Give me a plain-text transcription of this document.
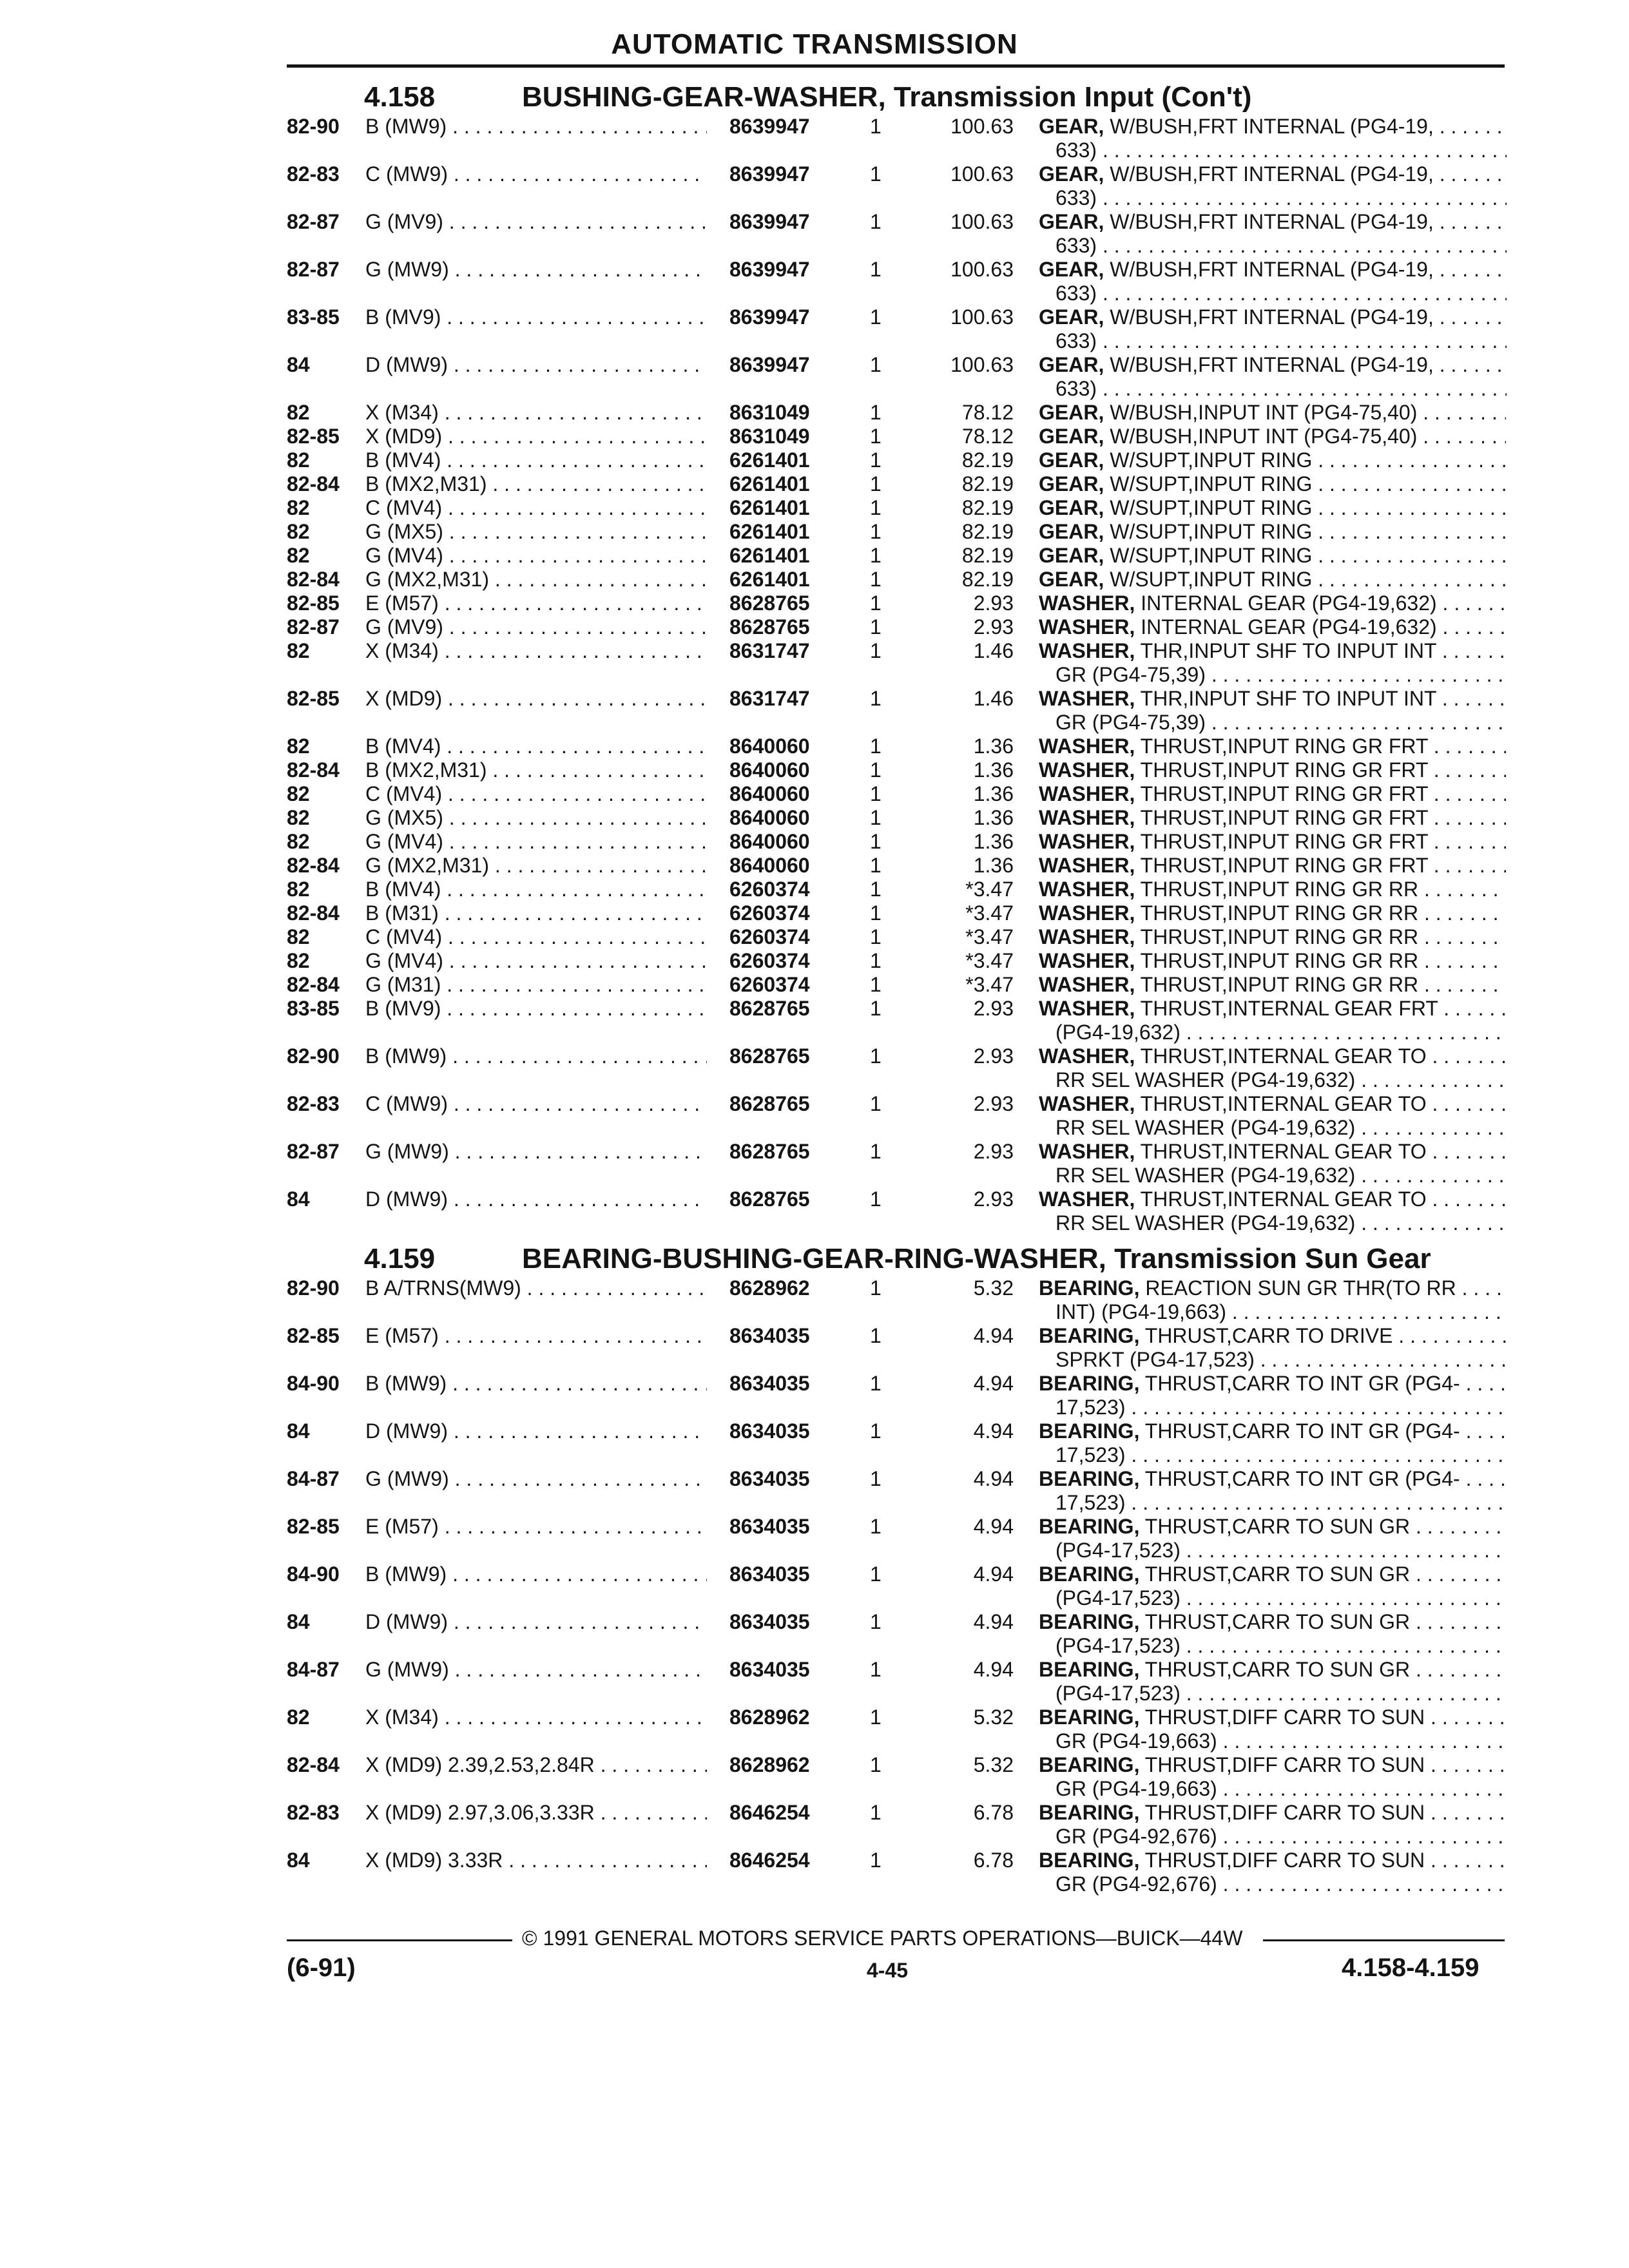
AUTOMATIC TRANSMISSION
4.158	BUSHING-GEAR-WASHER, Transmission Input (Con't)
82-90 B (MW9) . . .	8639947	1	100.63 GEAR, W/BUSH,FRT INTERNAL (PG4-19, . . .
633) . . .
82-83 C (MW9) . . .	8639947	1	100.63 GEAR, W/BUSH,FRT INTERNAL (PG4-19, . . .
633) . . .
82-87 G (MV9) . . .	8639947	1	100.63 GEAR, W/BUSH,FRT INTERNAL (PG4-19, . . .
633) . . .
82-87 G (MW9) . . .	8639947	1	100.63 GEAR, W/BUSH,FRT INTERNAL (PG4-19, . . .
633) . . .
83-85 B (MV9) . . .	8639947	1	100.63 GEAR, W/BUSH,FRT INTERNAL (PG4-19, . . .
633) . . .
84	D (MW9) . . .	8639947	1	100.63 GEAR, W/BUSH,FRT INTERNAL (PG4-19, . . .
633) . . .
82	X (M34) . . .	8631049	1	78.12 GEAR, W/BUSH,INPUT INT (PG4-75,40) . . .
82-85 X (MD9) . . .	8631049	1	78.12 GEAR, W/BUSH,INPUT INT (PG4-75,40) . . .
82	B (MV4) . . .	6261401	1	82.19 GEAR, W/SUPT,INPUT RING . . .
82-84 B (MX2,M31) . . .	6261401	1	82.19 GEAR, W/SUPT,INPUT RING . . .
82	C (MV4) . . .	6261401	1	82.19 GEAR, W/SUPT,INPUT RING . . .
82	G (MX5) . . .	6261401	1	82.19 GEAR, W/SUPT,INPUT RING . . .
82	G (MV4) . . .	6261401	1	82.19 GEAR, W/SUPT,INPUT RING . . .
82-84 G (MX2,M31) . . .	6261401	1	82.19 GEAR, W/SUPT,INPUT RING . . .
82-85 E (M57) . . .	8628765	1	2.93 WASHER, INTERNAL GEAR (PG4-19,632) . . .
82-87 G (MV9) . . .	8628765	1	2.93 WASHER, INTERNAL GEAR (PG4-19,632) . . .
82	X (M34) . . .	8631747	1	1.46 WASHER, THR,INPUT SHF TO INPUT INT . . .
GR (PG4-75,39) . . .
82-85 X (MD9) . . .	8631747	1	1.46 WASHER, THR,INPUT SHF TO INPUT INT . . .
GR (PG4-75,39) . . .
82	B (MV4) . . .	8640060	1	1.36 WASHER, THRUST,INPUT RING GR FRT . . .
82-84 B (MX2,M31) . . .	8640060	1	1.36 WASHER, THRUST,INPUT RING GR FRT . . .
82	C (MV4) . . .	8640060	1	1.36 WASHER, THRUST,INPUT RING GR FRT . . .
82	G (MX5) . . .	8640060	1	1.36 WASHER, THRUST,INPUT RING GR FRT . . .
82	G (MV4) . . .	8640060	1	1.36 WASHER, THRUST,INPUT RING GR FRT . . .
82-84 G (MX2,M31) . . .	8640060	1	1.36 WASHER, THRUST,INPUT RING GR FRT . . .
82	B (MV4) . . .	6260374	1	*3.47 WASHER, THRUST,INPUT RING GR RR . . .
82-84 B (M31) . . .	6260374	1	*3.47 WASHER, THRUST,INPUT RING GR RR . . .
82	C (MV4) . . .	6260374	1	*3.47 WASHER, THRUST,INPUT RING GR RR . . .
82	G (MV4) . . .	6260374	1	*3.47 WASHER, THRUST,INPUT RING GR RR . . .
82-84 G (M31) . . .	6260374	1	*3.47 WASHER, THRUST,INPUT RING GR RR . . .
83-85 B (MV9) . . .	8628765	1	2.93 WASHER, THRUST,INTERNAL GEAR FRT . . .
(PG4-19,632) . . .
82-90 B (MW9) . . .	8628765	1	2.93 WASHER, THRUST,INTERNAL GEAR TO . . .
RR SEL WASHER (PG4-19,632) . . .
82-83 C (MW9) . . .	8628765	1	2.93 WASHER, THRUST,INTERNAL GEAR TO . . .
RR SEL WASHER (PG4-19,632) . . .
82-87 G (MW9) . . .	8628765	1	2.93 WASHER, THRUST,INTERNAL GEAR TO . . .
RR SEL WASHER (PG4-19,632) . . .
84	D (MW9) . . .	8628765	1	2.93 WASHER, THRUST,INTERNAL GEAR TO . . .
RR SEL WASHER (PG4-19,632) . . .
4.159	BEARING-BUSHING-GEAR-RING-WASHER, Transmission Sun Gear
82-90 B A/TRNS(MW9) . . .	8628962	1	5.32 BEARING, REACTION SUN GR THR(TO RR . . .
INT) (PG4-19,663) . . .
82-85 E (M57) . . .	8634035	1	4.94 BEARING, THRUST,CARR TO DRIVE . . .
SPRKT (PG4-17,523) . . .
84-90 B (MW9) . . .	8634035	1	4.94 BEARING, THRUST,CARR TO INT GR (PG4- . . .
17,523) . . .
84	D (MW9) . . .	8634035	1	4.94 BEARING, THRUST,CARR TO INT GR (PG4- . . .
17,523) . . .
84-87 G (MW9) . . .	8634035	1	4.94 BEARING, THRUST,CARR TO INT GR (PG4- . . .
17,523) . . .
82-85 E (M57) . . .	8634035	1	4.94 BEARING, THRUST,CARR TO SUN GR . . .
(PG4-17,523) . . .
84-90 B (MW9) . . .	8634035	1	4.94 BEARING, THRUST,CARR TO SUN GR . . .
(PG4-17,523) . . .
84	D (MW9) . . .	8634035	1	4.94 BEARING, THRUST,CARR TO SUN GR . . .
(PG4-17,523) . . .
84-87 G (MW9) . . .	8634035	1	4.94 BEARING, THRUST,CARR TO SUN GR . . .
(PG4-17,523) . . .
82	X (M34) . . .	8628962	1	5.32 BEARING, THRUST,DIFF CARR TO SUN . . .
GR (PG4-19,663) . . .
82-84 X (MD9) 2.39,2.53,2.84R . . .	8628962	1	5.32 BEARING, THRUST,DIFF CARR TO SUN . . .
GR (PG4-19,663) . . .
82-83 X (MD9) 2.97,3.06,3.33R . . .	8646254	1	6.78 BEARING, THRUST,DIFF CARR TO SUN . . .
GR (PG4-92,676) . . .
84	X (MD9) 3.33R . . .	8646254	1	6.78 BEARING, THRUST,DIFF CARR TO SUN . . .
GR (PG4-92,676) . . .
© 1991 GENERAL MOTORS SERVICE PARTS OPERATIONS—BUICK—44W
(6-91)	4-45	4.158-4.159
